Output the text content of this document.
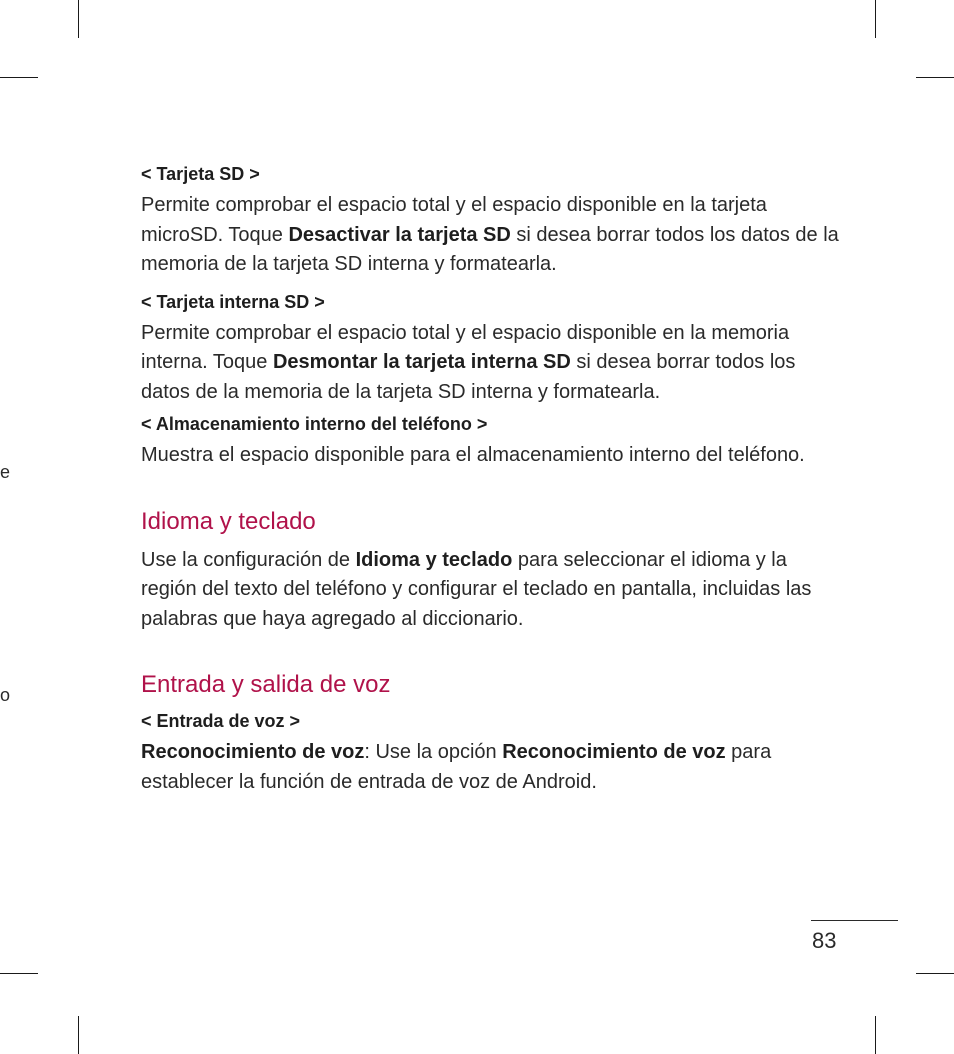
e
o

< Tarjeta SD >

Permite comprobar el espacio total y el espacio disponible en la tarjeta microSD. Toque Desactivar la tarjeta SD si desea borrar todos los datos de la memoria de la tarjeta SD interna y formatearla.

< Tarjeta interna SD >

Permite comprobar el espacio total y el espacio disponible en la memoria interna. Toque Desmontar la tarjeta interna SD si desea borrar todos los datos de la memoria de la tarjeta SD interna y formatearla.

< Almacenamiento interno del teléfono >

Muestra el espacio disponible para el almacenamiento interno del teléfono.

Idioma y teclado

Use la configuración de Idioma y teclado para seleccionar el idioma y la región del texto del teléfono y configurar el teclado en pantalla, incluidas las palabras que haya agregado al diccionario.

Entrada y salida de voz

< Entrada de voz >

Reconocimiento de voz: Use la opción Reconocimiento de voz para establecer la función de entrada de voz de Android.

83
